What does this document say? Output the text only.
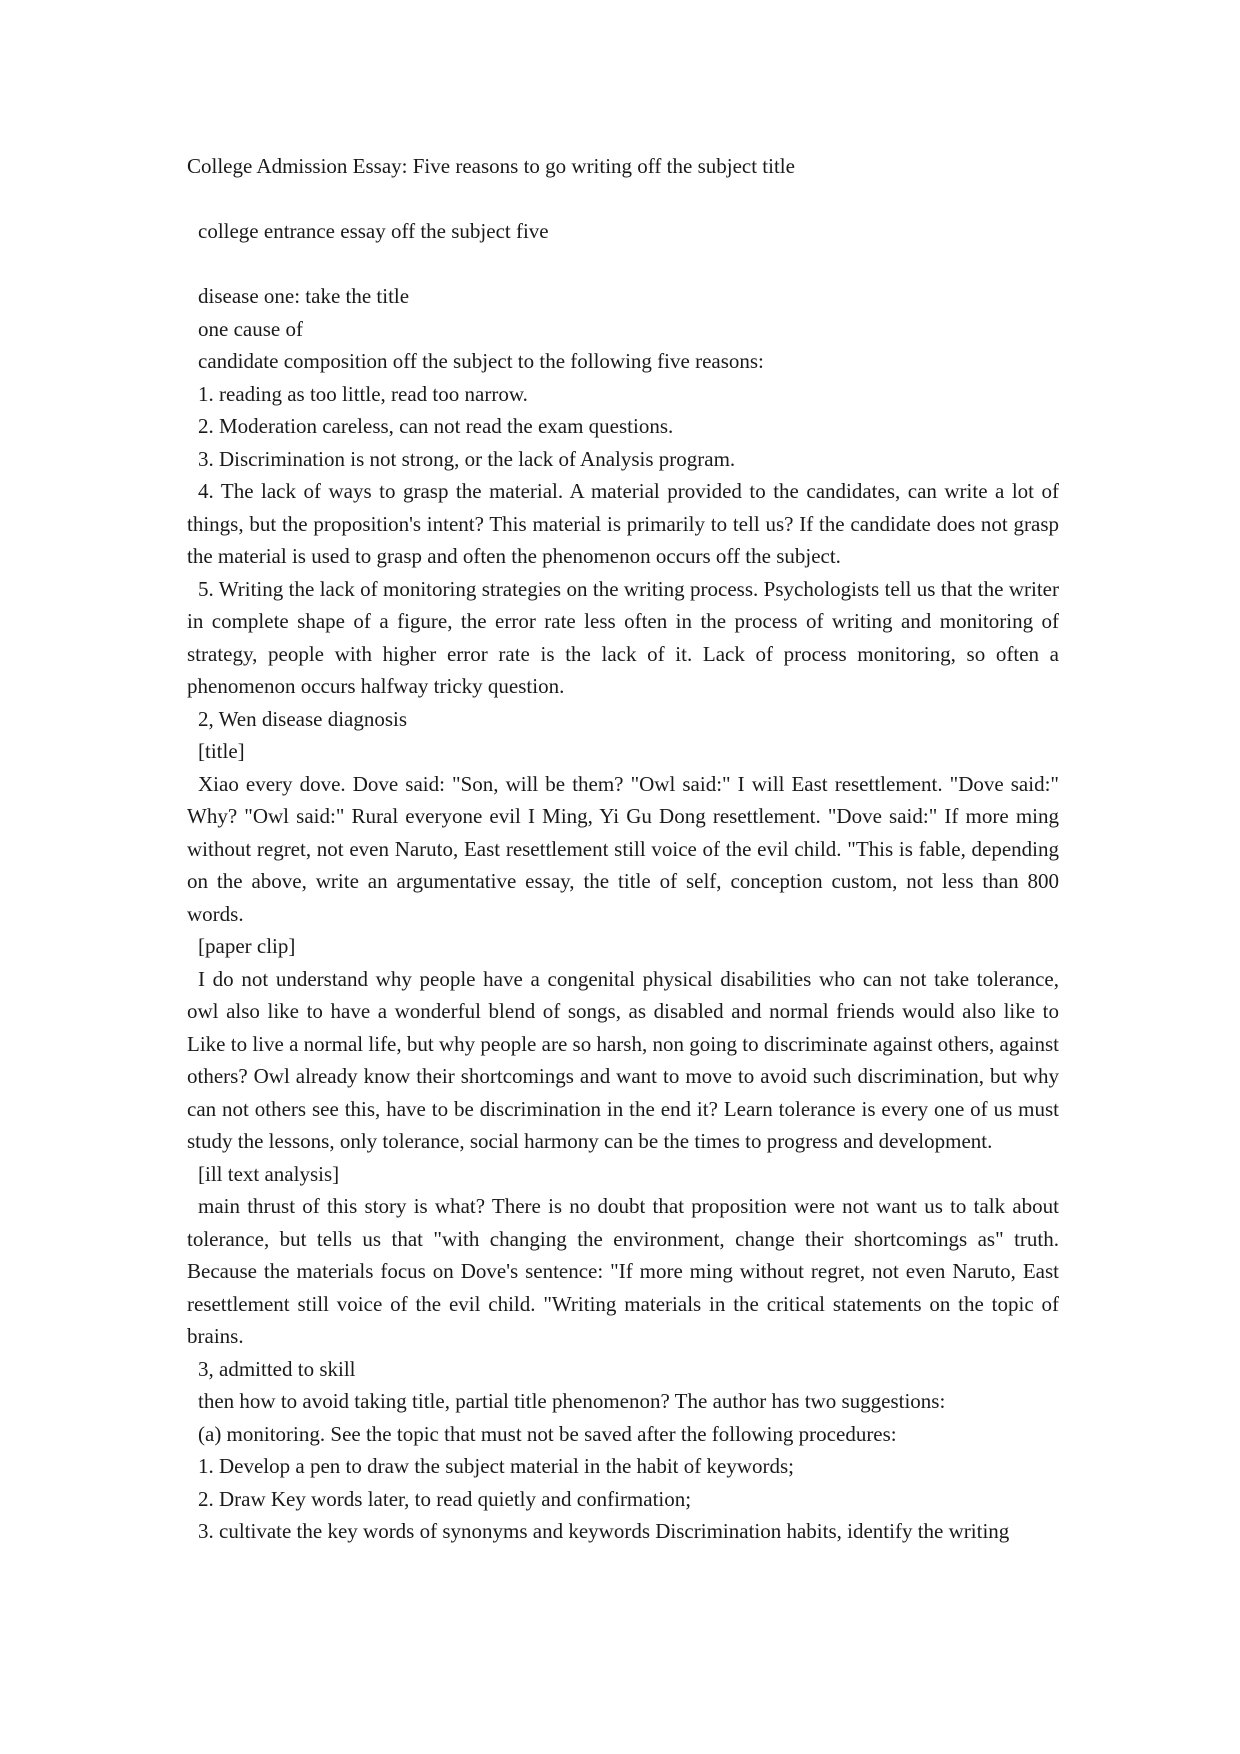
College Admission Essay: Five reasons to go writing off the subject title
college entrance essay off the subject five

disease one: take the title

one cause of

candidate composition off the subject to the following five reasons:

1. reading as too little, read too narrow.

2. Moderation careless, can not read the exam questions.

3. Discrimination is not strong, or the lack of Analysis program.

4. The lack of ways to grasp the material. A material provided to the candidates, can write a lot of things, but the proposition's intent? This material is primarily to tell us? If the candidate does not grasp the material is used to grasp and often the phenomenon occurs off the subject.

5. Writing the lack of monitoring strategies on the writing process. Psychologists tell us that the writer in complete shape of a figure, the error rate less often in the process of writing and monitoring of strategy, people with higher error rate is the lack of it. Lack of process monitoring, so often a phenomenon occurs halfway tricky question.

2, Wen disease diagnosis

[title]

Xiao every dove. Dove said: "Son, will be them? "Owl said:" I will East resettlement. "Dove said:" Why? "Owl said:" Rural everyone evil I Ming, Yi Gu Dong resettlement. "Dove said:" If more ming without regret, not even Naruto, East resettlement still voice of the evil child. "This is fable, depending on the above, write an argumentative essay, the title of self, conception custom, not less than 800 words.

[paper clip]

I do not understand why people have a congenital physical disabilities who can not take tolerance, owl also like to have a wonderful blend of songs, as disabled and normal friends would also like to Like to live a normal life, but why people are so harsh, non going to discriminate against others, against others? Owl already know their shortcomings and want to move to avoid such discrimination, but why can not others see this, have to be discrimination in the end it? Learn tolerance is every one of us must study the lessons, only tolerance, social harmony can be the times to progress and development.

[ill text analysis]

main thrust of this story is what? There is no doubt that proposition were not want us to talk about tolerance, but tells us that "with changing the environment, change their shortcomings as" truth. Because the materials focus on Dove's sentence: "If more ming without regret, not even Naruto, East resettlement still voice of the evil child. "Writing materials in the critical statements on the topic of brains.

3, admitted to skill

then how to avoid taking title, partial title phenomenon? The author has two suggestions:

(a) monitoring. See the topic that must not be saved after the following procedures:

1. Develop a pen to draw the subject material in the habit of keywords;

2. Draw Key words later, to read quietly and confirmation;

3. cultivate the key words of synonyms and keywords Discrimination habits, identify the writing
